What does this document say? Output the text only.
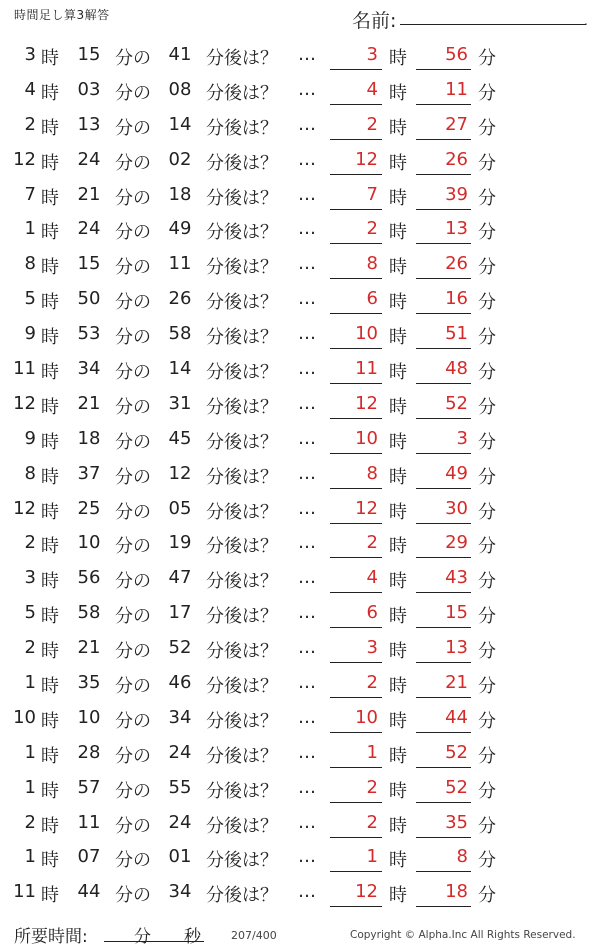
時間足し算3解答	名前:	.
3 時 15 分の 41 分後は？ …	3 時	56 分
4 時 03 分の 08 分後は？ …	4 時	11 分
2 時 13 分の 14 分後は？ …	2 時	27 分
12 時 24 分の 02 分後は？ …	12 時	26 分
7 時 21 分の 18 分後は？ …	7 時	39 分
1 時 24 分の 49 分後は？ …	2 時	13 分
8 時 15 分の 11 分後は？ …	8 時	26 分
5 時 50 分の 26 分後は？ …	6 時	16 分
9 時 53 分の 58 分後は？ …	10 時	51 分
11 時 34 分の 14 分後は？ …	11 時	48 分
12 時 21 分の 31 分後は？ …	12 時	52 分
9 時 18 分の 45 分後は？ …	10 時	3 分
8 時 37 分の 12 分後は？ …	8 時	49 分
12 時 25 分の 05 分後は？ …	12 時	30 分
2 時 10 分の 19 分後は？ …	2 時	29 分
3 時 56 分の 47 分後は？ …	4 時	43 分
5 時 58 分の 17 分後は？ …	6 時	15 分
2 時 21 分の 52 分後は？ …	3 時	13 分
1 時 35 分の 46 分後は？ …	2 時	21 分
10 時 10 分の 34 分後は？ …	10 時	44 分
1 時 28 分の 24 分後は？ …	1 時	52 分
1 時 57 分の 55 分後は？ …	2 時	52 分
2 時 11 分の 24 分後は？ …	2 時	35 分
1 時 07 分の 01 分後は？ …	1 時	8 分
11 時 44 分の 34 分後は？ …	12 時	18 分
所要時間:	分 秒	207/400	Copyright © Alpha.Inc All Rights Reserved.
